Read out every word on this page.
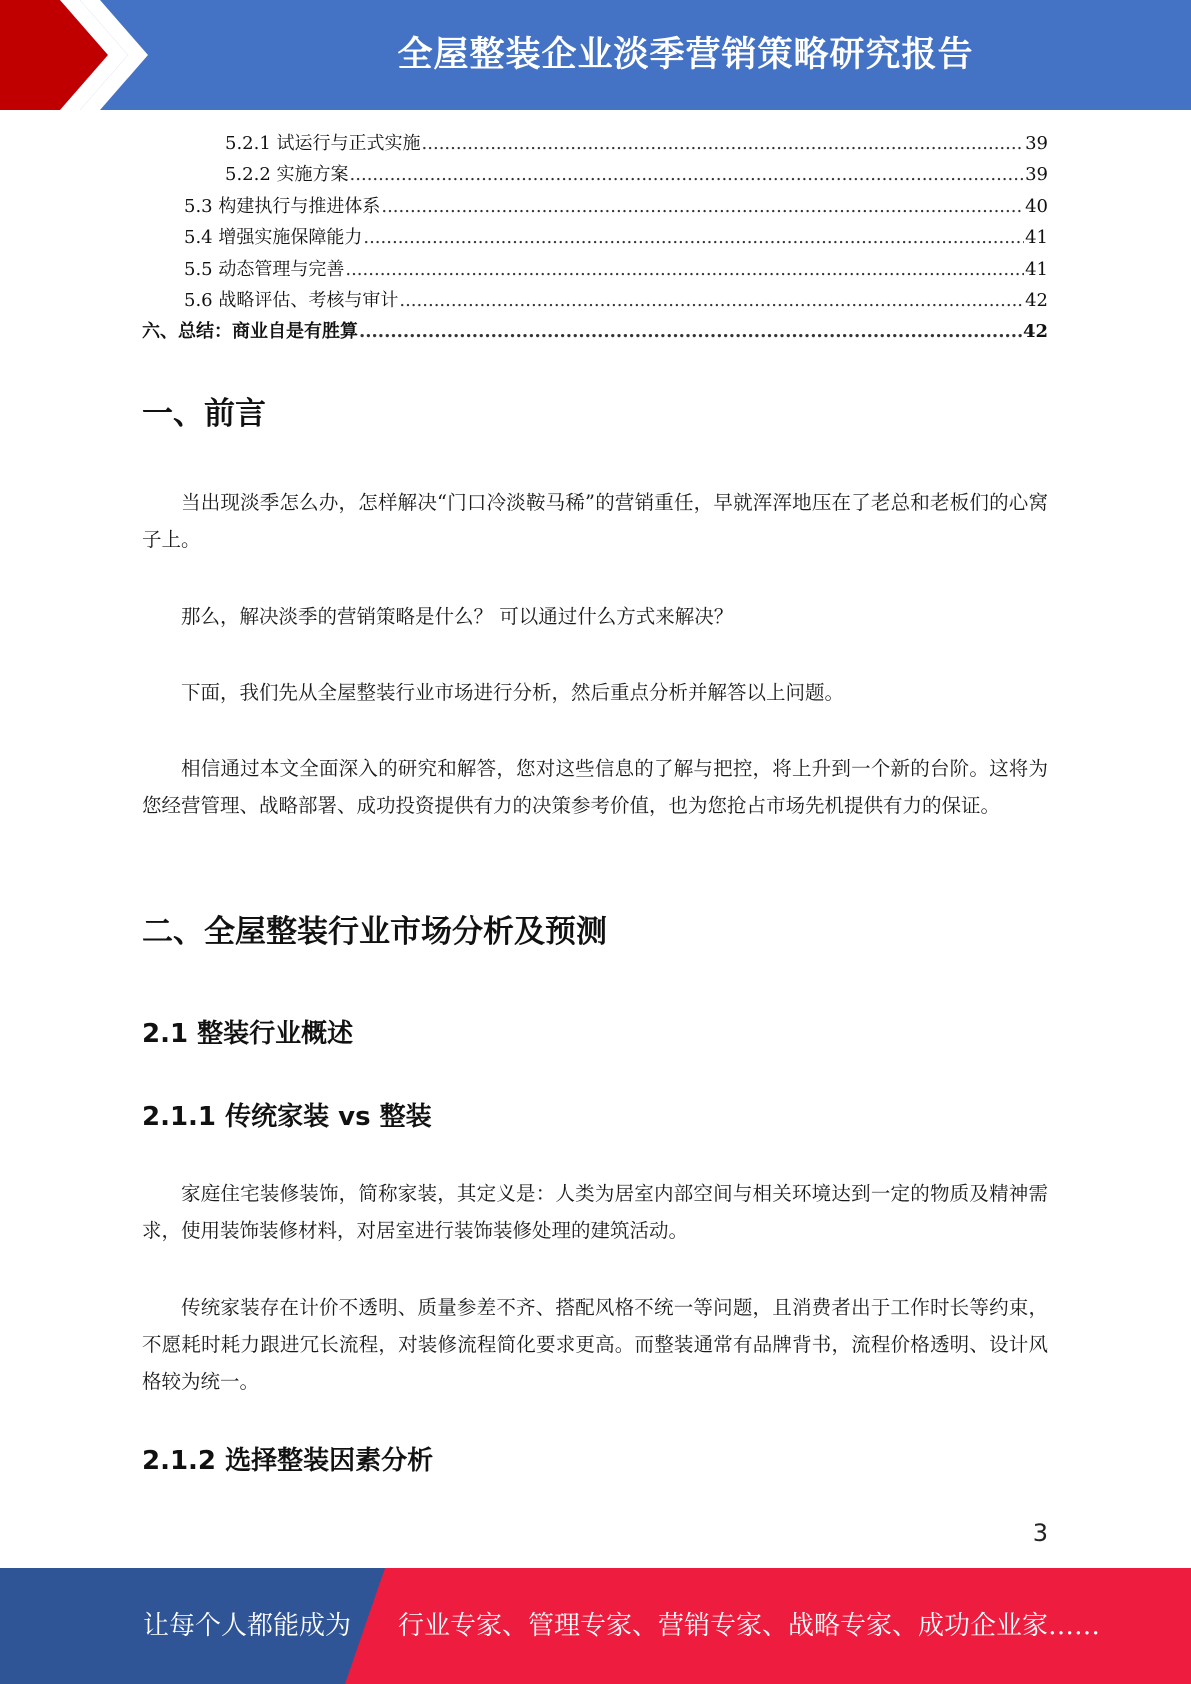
全屋整装企业淡季营销策略研究报告
5.2.1 试运行与正式实施 .....	39
5.2.2 实施方案 .....	39
5.3 构建执行与推进体系 .....	40
5.4 增强实施保障能力 .....	41
5.5 动态管理与完善 .....	41
5.6 战略评估、考核与审计 .....	42
六、总结：商业自是有胜算 .....	42
一、前言
当出现淡季怎么办，怎样解决“门口冷淡鞍马稀”的营销重任，早就浑浑地压在了老总和老板们的心窝子上。
那么，解决淡季的营销策略是什么？ 可以通过什么方式来解决？
下面，我们先从全屋整装行业市场进行分析，然后重点分析并解答以上问题。
相信通过本文全面深入的研究和解答，您对这些信息的了解与把控，将上升到一个新的台阶。这将为您经营管理、战略部署、成功投资提供有力的决策参考价值，也为您抢占市场先机提供有力的保证。
二、全屋整装行业市场分析及预测
2.1 整装行业概述
2.1.1 传统家装 vs 整装
家庭住宅装修装饰，简称家装，其定义是：人类为居室内部空间与相关环境达到一定的物质及精神需求，使用装饰装修材料，对居室进行装饰装修处理的建筑活动。
传统家装存在计价不透明、质量参差不齐、搭配风格不统一等问题，且消费者出于工作时长等约束，不愿耗时耗力跟进冗长流程，对装修流程简化要求更高。而整装通常有品牌背书，流程价格透明、设计风格较为统一。
2.1.2 选择整装因素分析
3
让每个人都能成为 行业专家、管理专家、营销专家、战略专家、成功企业家……
